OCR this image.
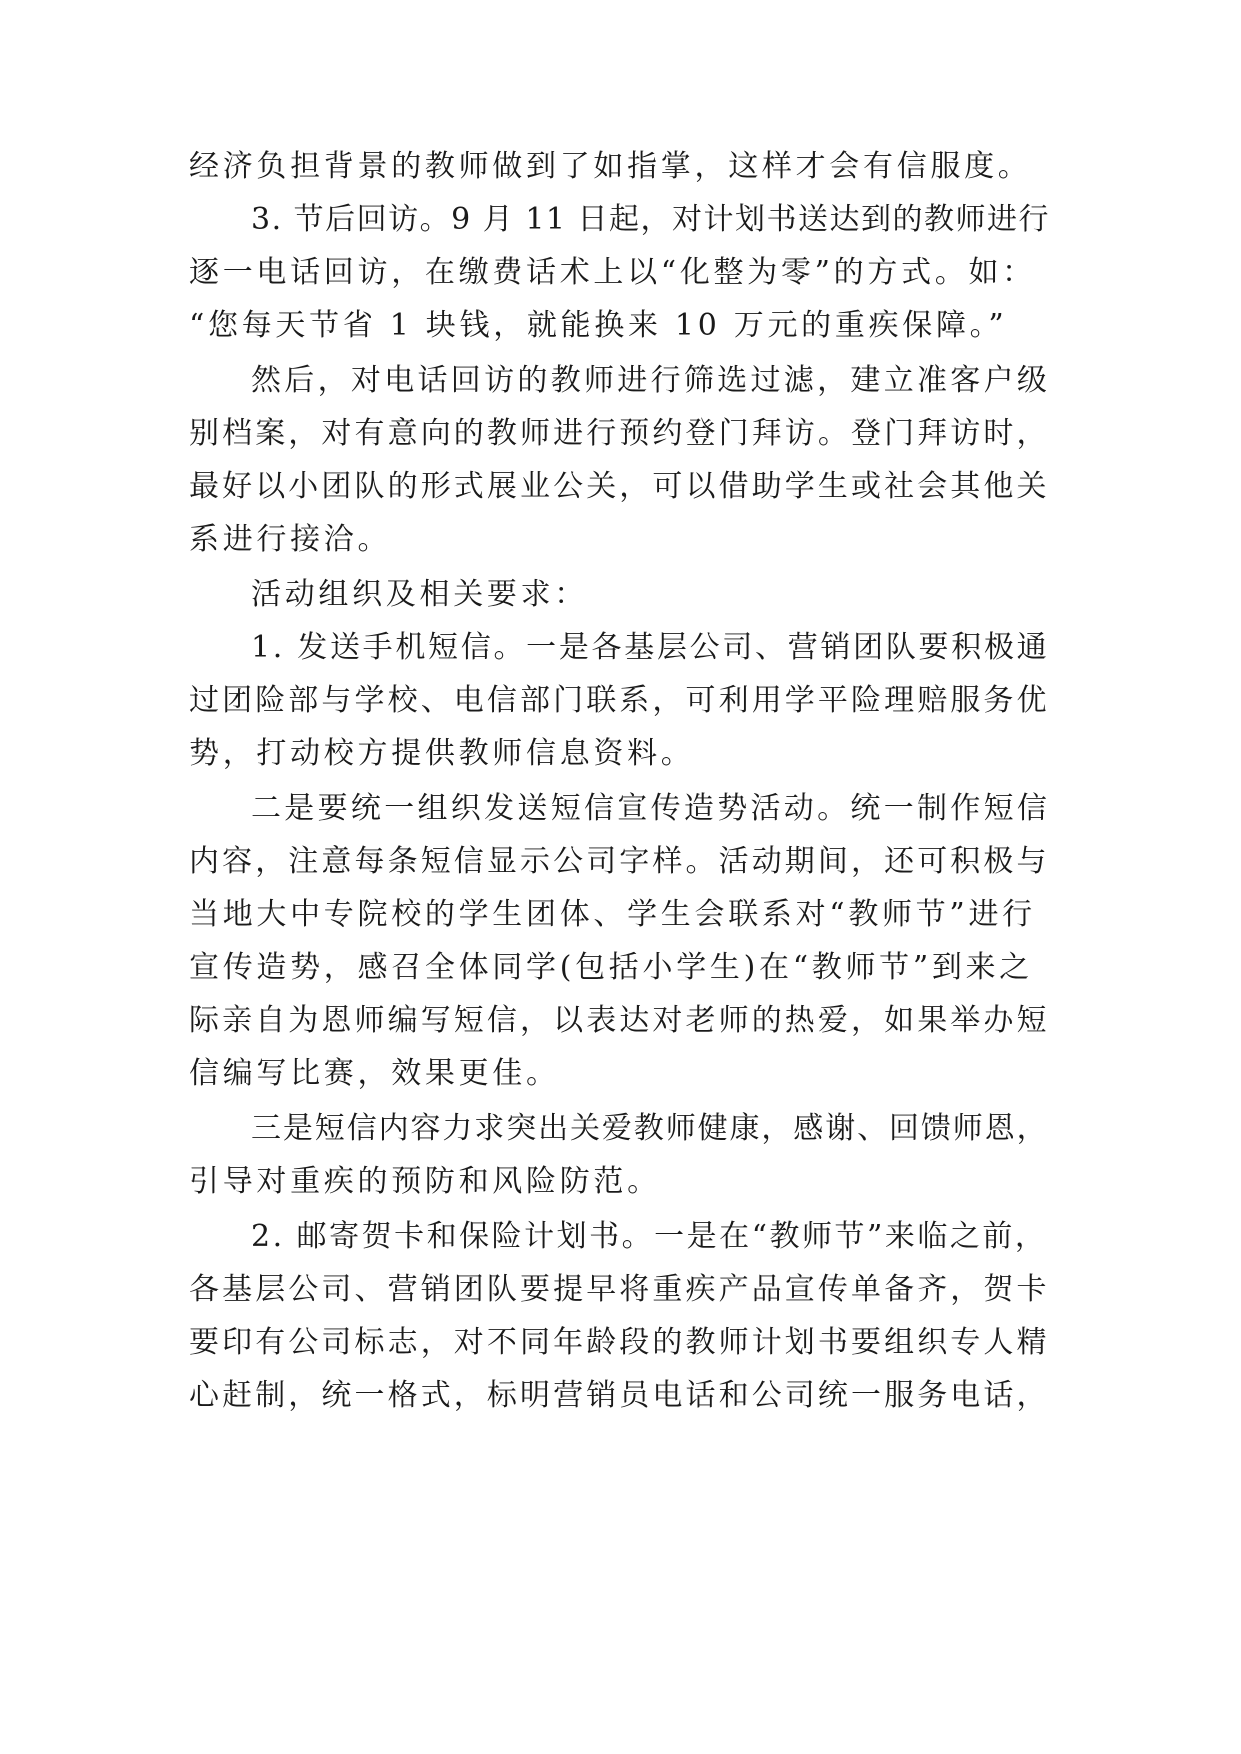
经济负担背景的教师做到了如指掌，这样才会有信服度。
3. 节后回访。9 月 11 日起，对计划书送达到的教师进行
逐一电话回访，在缴费话术上以“化整为零”的方式。如：
“您每天节省 1 块钱，就能换来 10 万元的重疾保障。”
然后，对电话回访的教师进行筛选过滤，建立准客户级
别档案，对有意向的教师进行预约登门拜访。登门拜访时，
最好以小团队的形式展业公关，可以借助学生或社会其他关
系进行接洽。
活动组织及相关要求：
1. 发送手机短信。一是各基层公司、营销团队要积极通
过团险部与学校、电信部门联系，可利用学平险理赔服务优
势，打动校方提供教师信息资料。
二是要统一组织发送短信宣传造势活动。统一制作短信
内容，注意每条短信显示公司字样。活动期间，还可积极与
当地大中专院校的学生团体、学生会联系对“教师节”进行
宣传造势，感召全体同学(包括小学生)在“教师节”到来之
际亲自为恩师编写短信，以表达对老师的热爱，如果举办短
信编写比赛，效果更佳。
三是短信内容力求突出关爱教师健康，感谢、回馈师恩，
引导对重疾的预防和风险防范。
2. 邮寄贺卡和保险计划书。一是在“教师节”来临之前，
各基层公司、营销团队要提早将重疾产品宣传单备齐，贺卡
要印有公司标志，对不同年龄段的教师计划书要组织专人精
心赶制，统一格式，标明营销员电话和公司统一服务电话，
